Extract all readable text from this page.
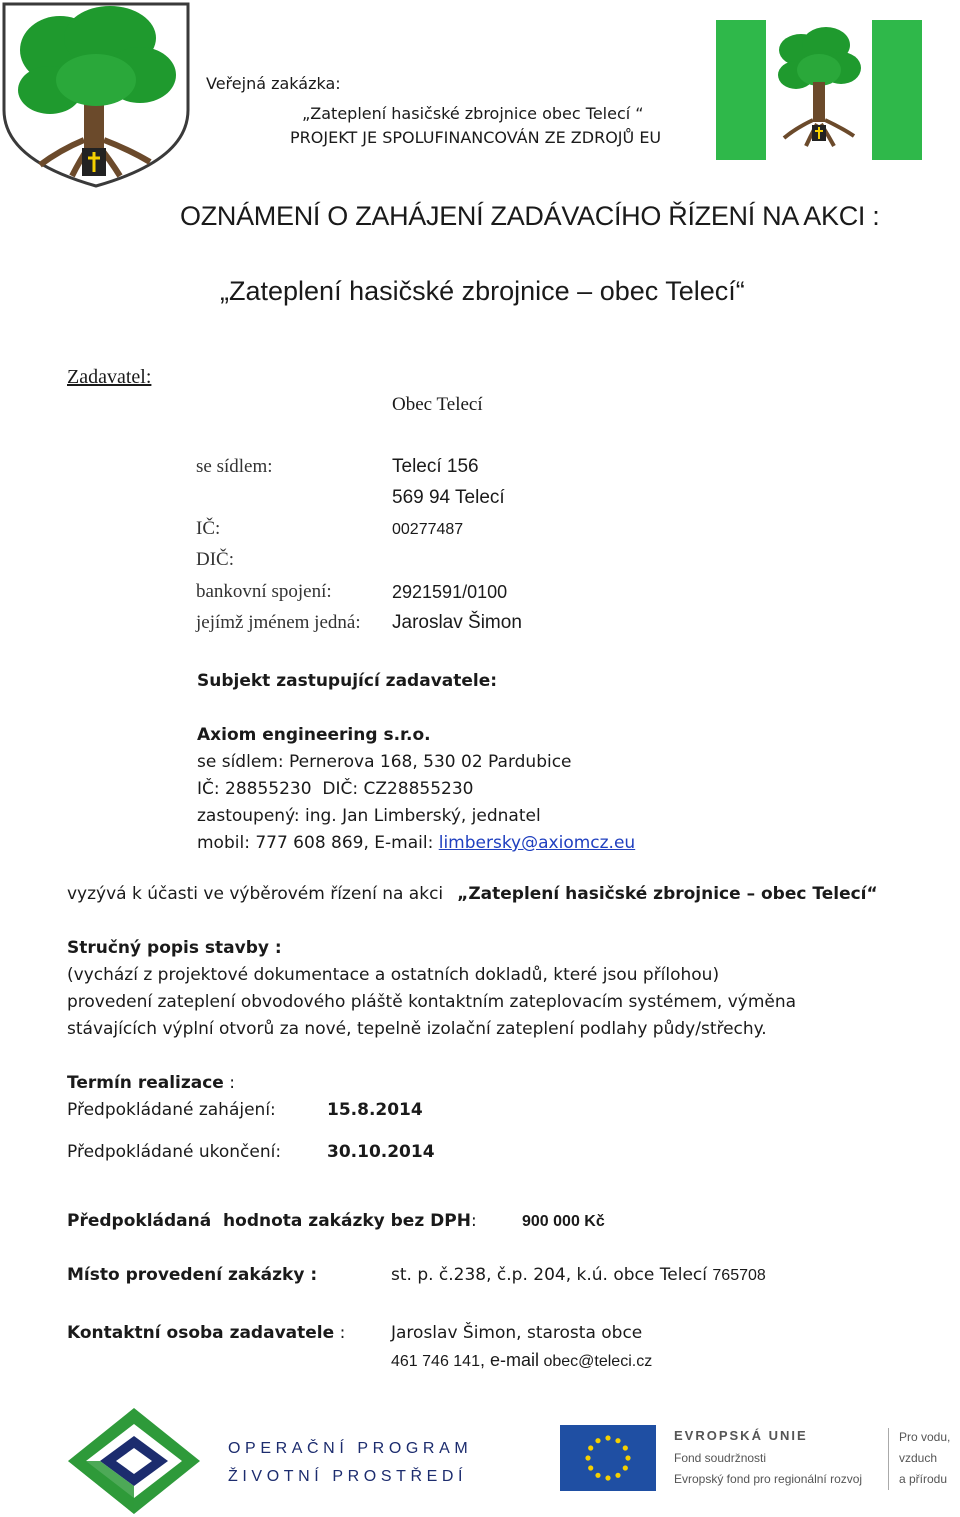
Veřejná zakázka:
„Zateplení hasičské zbrojnice obec Telecí “
PROJEKT JE SPOLUFINANCOVÁN ZE ZDROJŮ EU
OZNÁMENÍ O ZAHÁJENÍ ZADÁVACÍHO ŘÍZENÍ NA AKCI :
„Zateplení hasičské zbrojnice – obec Telecí“
Zadavatel:
Obec Telecí
se sídlem:	Telecí 156
569 94 Telecí
IČ:	00277487
DIČ:
bankovní spojení:	2921591/0100
jejímž jménem jedná: Jaroslav Šimon
Subjekt zastupující zadavatele:
Axiom engineering s.r.o.
se sídlem: Pernerova 168, 530 02 Pardubice
IČ: 28855230  DIČ: CZ28855230
zastoupený: ing. Jan Limberský, jednatel
mobil: 777 608 869, E-mail: limbersky@axiomcz.eu
vyzývá k účasti ve výběrovém řízení na akci „Zateplení hasičské zbrojnice – obec Telecí“
Stručný popis stavby :
(vychází z projektové dokumentace a ostatních dokladů, které jsou přílohou)
provedení zateplení obvodového pláště kontaktním zateplovacím systémem, výměna
stávajících výplní otvorů za nové, tepelně izolační zateplení podlahy půdy/střechy.
Termín realizace :
Předpokládané zahájení:	15.8.2014
Předpokládané ukončení:	30.10.2014
Předpokládaná  hodnota zakázky bez DPH:	900 000 Kč
Místo provedení zakázky :	st. p. č.238, č.p. 204, k.ú. obce Telecí 765708
Kontaktní osoba zadavatele :	Jaroslav Šimon, starosta obce
461 746 141, e-mail obec@teleci.cz
OPERAČNÍ PROGRAM
ŽIVOTNÍ PROSTŘEDÍ
EVROPSKÁ UNIE
Fond soudržnosti
Evropský fond pro regionální rozvoj
Pro vodu,
vzduch
a přírodu
